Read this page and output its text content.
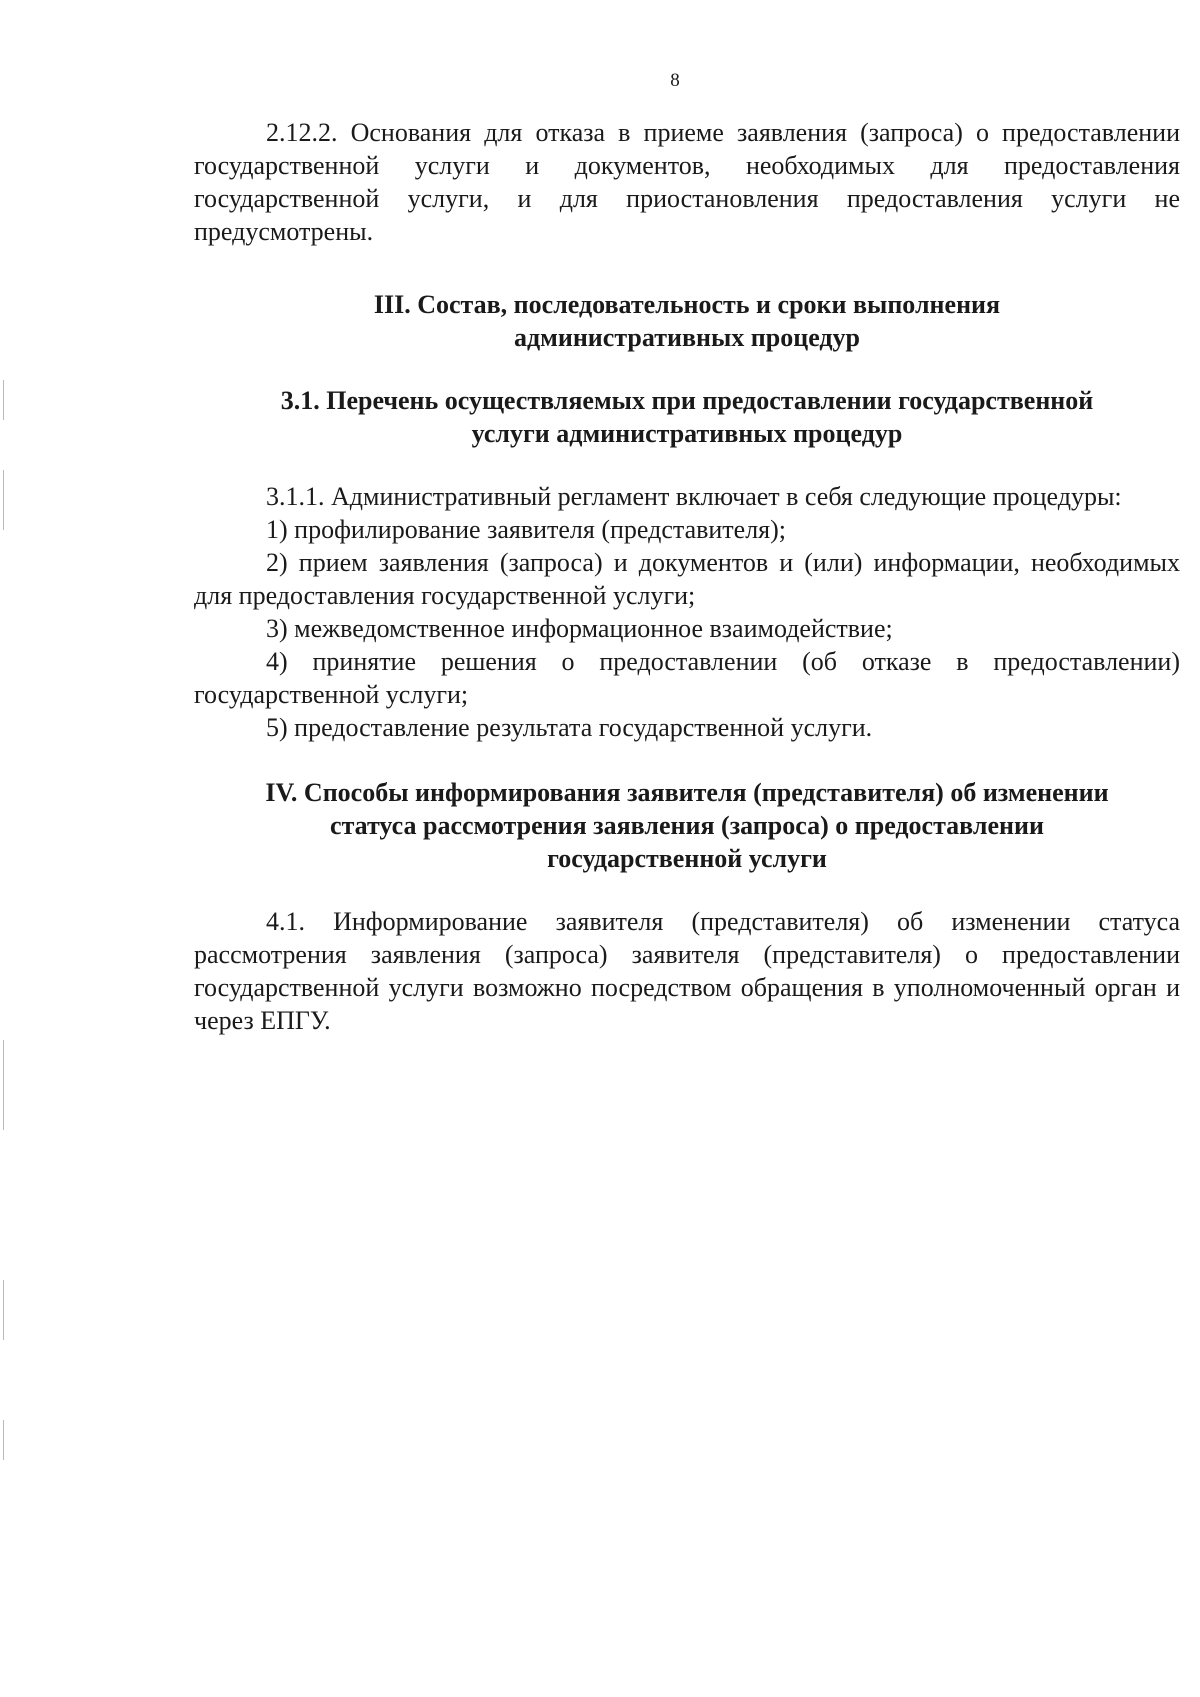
8

2.12.2. Основания для отказа в приеме заявления (запроса) о предоставлении государственной услуги и документов, необходимых для предоставления государственной услуги, и для приостановления предоставления услуги не предусмотрены.

III. Состав, последовательность и сроки выполнения

административных процедур

3.1. Перечень осуществляемых при предоставлении государственной

услуги административных процедур

3.1.1. Административный регламент включает в себя следующие процедуры:

1) профилирование заявителя (представителя);

2) прием заявления (запроса) и документов и (или) информации, необходимых для предоставления государственной услуги;

3) межведомственное информационное взаимодействие;

4) принятие решения о предоставлении (об отказе в предоставлении) государственной услуги;

5) предоставление результата государственной услуги.

IV. Способы информирования заявителя (представителя) об изменении

статуса рассмотрения заявления (запроса) о предоставлении

государственной услуги

4.1. Информирование заявителя (представителя) об изменении статуса рассмотрения заявления (запроса) заявителя (представителя) о предоставлении государственной услуги возможно посредством обращения в уполномоченный орган и через ЕПГУ.
